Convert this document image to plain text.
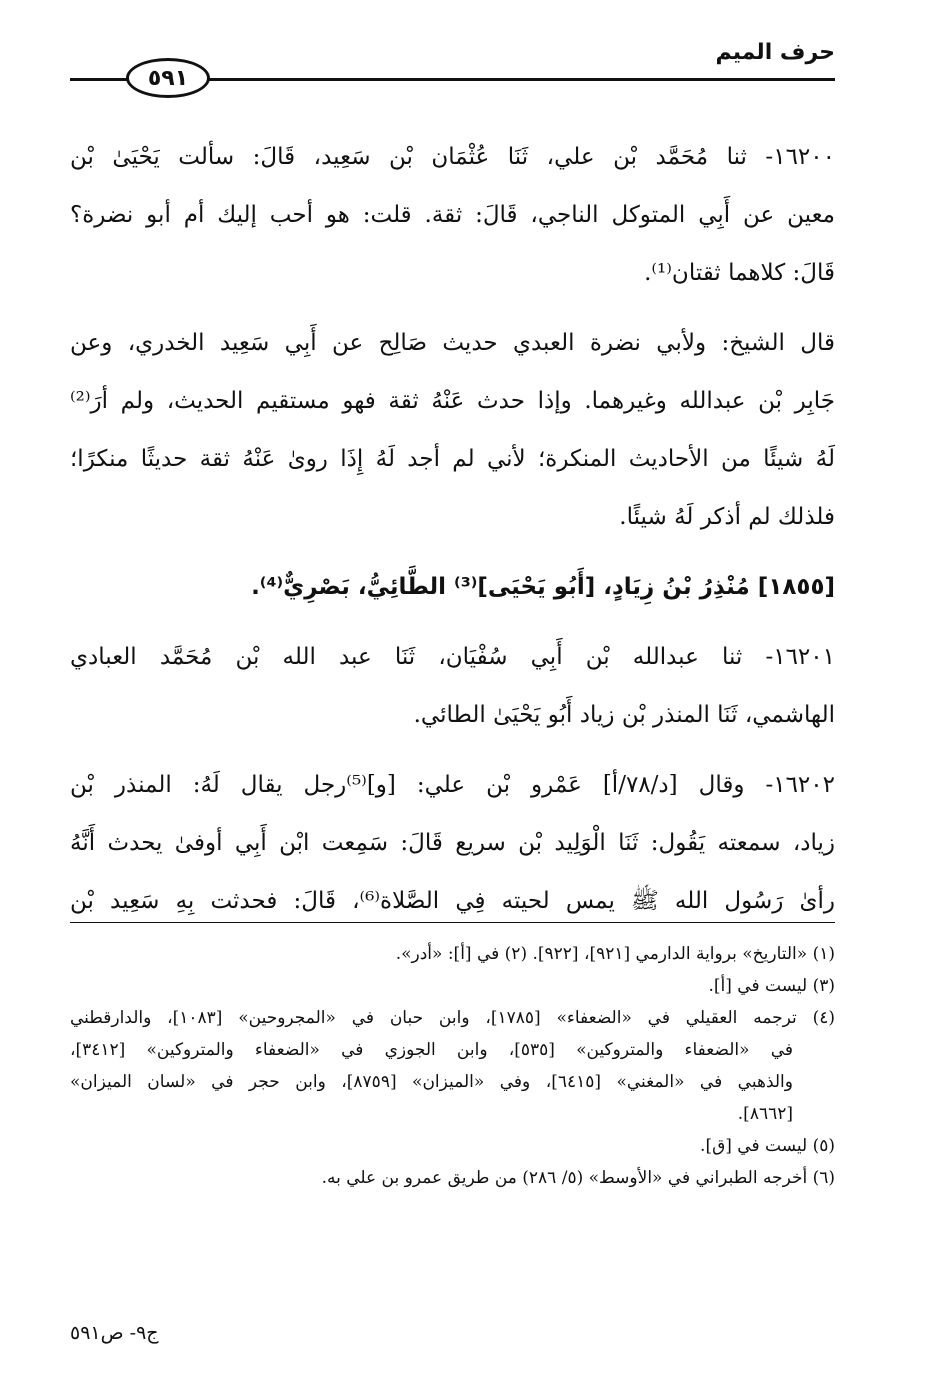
حرف الميم
٥٩١
١٦٢٠٠- ثنا مُحَمَّد بْن علي، ثَنَا عُثْمَان بْن سَعِيد، قَالَ: سألت يَحْيَىٰ بْن
معين عن أَبِي المتوكل الناجي، قَالَ: ثقة. قلت: هو أحب إليك أم أبو نضرة؟
قَالَ: كلاهما ثقتان⁽¹⁾.
قال الشيخ: ولأبي نضرة العبدي حديث صَالِح عن أَبِي سَعِيد الخدري، وعن
جَابِر بْن عبدالله وغيرهما. وإذا حدث عَنْهُ ثقة فهو مستقيم الحديث، ولم أرَ⁽²⁾
لَهُ شيئًا من الأحاديث المنكرة؛ لأني لم أجد لَهُ إِذَا روىٰ عَنْهُ ثقة حديثًا منكرًا؛
فلذلك لم أذكر لَهُ شيئًا.
[١٨٥٥] مُنْذِرُ بْنُ زِيَادٍ، [أَبُو يَحْيَى]⁽³⁾ الطَّائِيُّ، بَصْرِيٌّ⁽⁴⁾.
١٦٢٠١- ثنا عبدالله بْن أَبِي سُفْيَان، ثَنَا عبد الله بْن مُحَمَّد العبادي
الهاشمي، ثَنَا المنذر بْن زياد أَبُو يَحْيَىٰ الطائي.
١٦٢٠٢- وقال [د/٧٨/أ] عَمْرو بْن علي: [و]⁽⁵⁾رجل يقال لَهُ: المنذر بْن
زياد، سمعته يَقُول: ثَنَا الْوَلِيد بْن سريع قَالَ: سَمِعت ابْن أَبِي أوفىٰ يحدث أَنَّهُ
رأىٰ رَسُول الله ﷺ يمس لحيته فِي الصَّلاة⁽⁶⁾، قَالَ: فحدثت بِهِ سَعِيد بْن
(١) «التاريخ» برواية الدارمي [٩٢١]، [٩٢٢]. (٢) في [أ]: «أدر».
(٣) ليست في [أ].
(٤) ترجمه العقيلي في «الضعفاء» [١٧٨٥]، وابن حبان في «المجروحين» [١٠٨٣]، والدارقطني
في «الضعفاء والمتروكين» [٥٣٥]، وابن الجوزي في «الضعفاء والمتروكين» [٣٤١٢]،
والذهبي في «المغني» [٦٤١٥]، وفي «الميزان» [٨٧٥٩]، وابن حجر في «لسان الميزان»
[٨٦٦٢].
(٥) ليست في [ق].
(٦) أخرجه الطبراني في «الأوسط» (٥/ ٢٨٦) من طريق عمرو بن علي به.
ج٩- ص٥٩١
